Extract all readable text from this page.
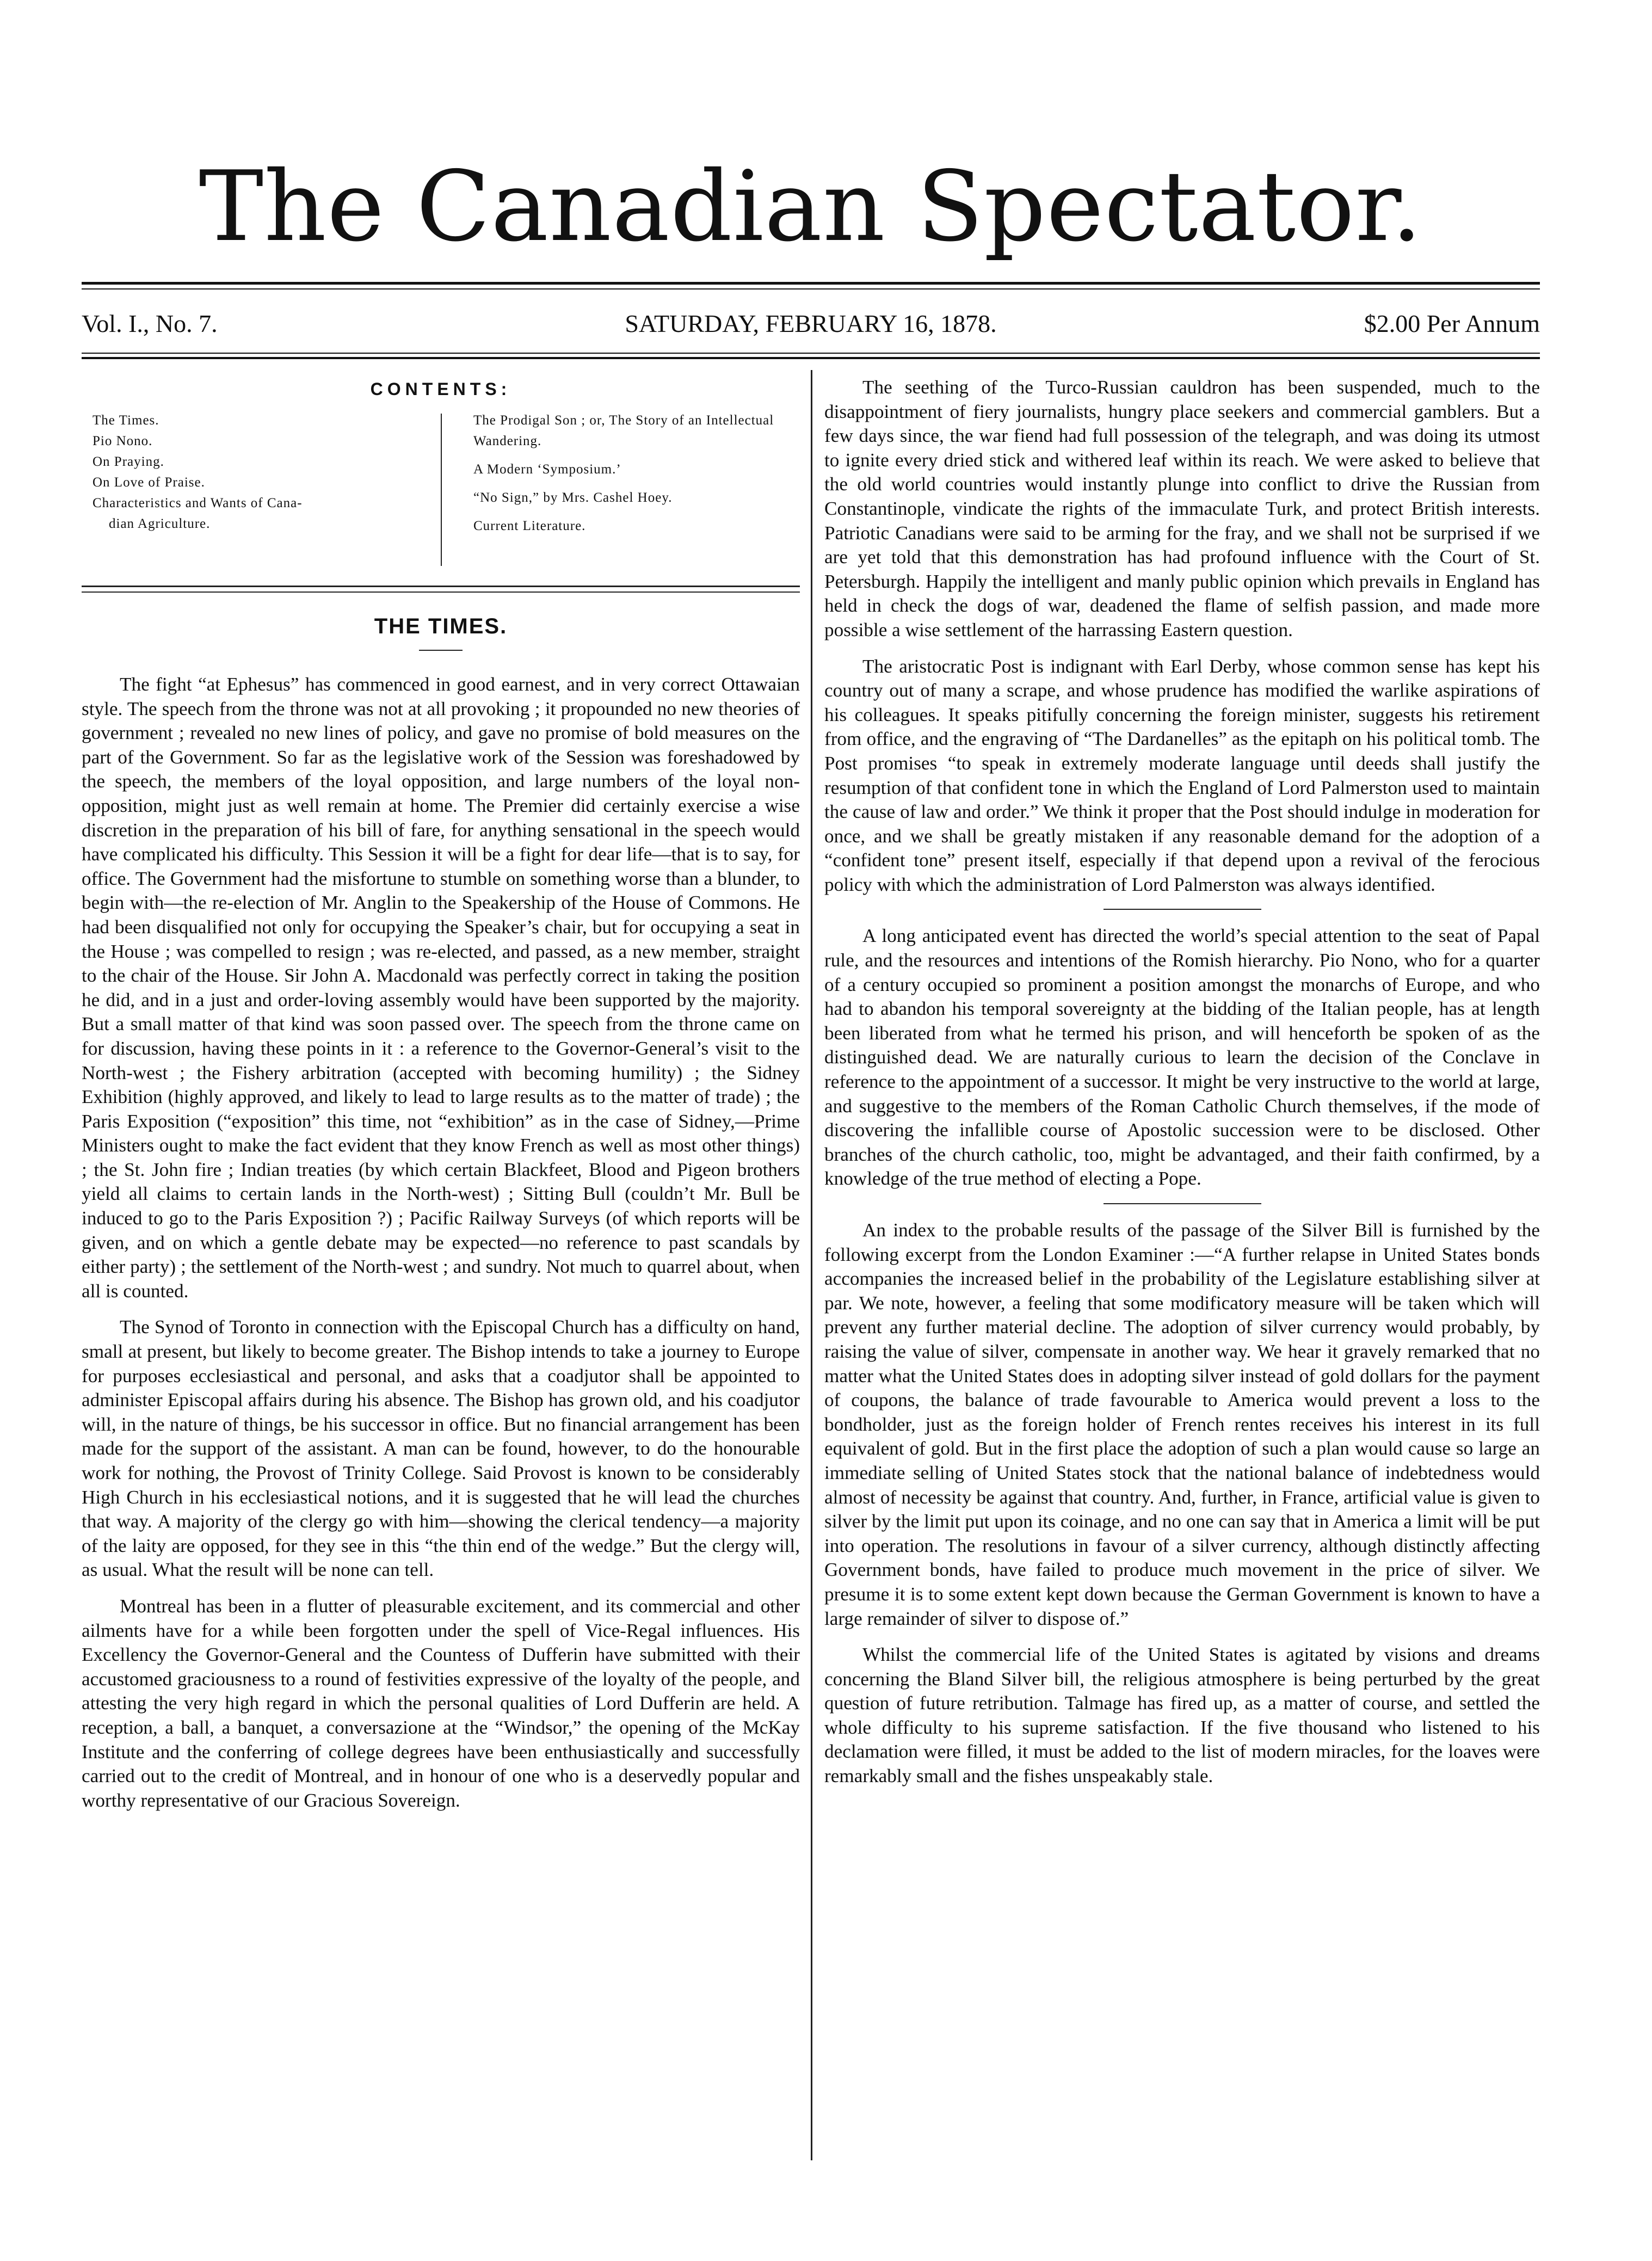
The Canadian Spectator.
Vol. I., No. 7.	SATURDAY, FEBRUARY 16, 1878.	$2.00 Per Annum
CONTENTS:
The Times.
Pio Nono.
On Praying.
On Love of Praise.
Characteristics and Wants of Cana-
dian Agriculture.
The Prodigal Son ; or, The Story of an Intellectual Wandering.
A Modern ‘Symposium.’
“No Sign,” by Mrs. Cashel Hoey.
Current Literature.
THE TIMES.

The fight “at Ephesus” has commenced in good earnest, and in very correct Ottawaian style. The speech from the throne was not at all provoking ; it propounded no new theories of government ; revealed no new lines of policy, and gave no promise of bold measures on the part of the Government. So far as the legislative work of the Session was foreshadowed by the speech, the members of the loyal opposition, and large numbers of the loyal non-opposition, might just as well remain at home. The Premier did certainly exercise a wise discretion in the preparation of his bill of fare, for anything sensational in the speech would have complicated his difficulty. This Session it will be a fight for dear life—that is to say, for office. The Government had the misfortune to stumble on something worse than a blunder, to begin with—the re-election of Mr. Anglin to the Speakership of the House of Commons. He had been disqualified not only for occupying the Speaker’s chair, but for occupying a seat in the House ; was compelled to resign ; was re-elected, and passed, as a new member, straight to the chair of the House. Sir John A. Macdonald was perfectly correct in taking the position he did, and in a just and order-loving assembly would have been supported by the majority. But a small matter of that kind was soon passed over. The speech from the throne came on for discussion, having these points in it : a reference to the Governor-General’s visit to the North-west ; the Fishery arbitration (accepted with becoming humility) ; the Sidney Exhibition (highly approved, and likely to lead to large results as to the matter of trade) ; the Paris Exposition (“exposition” this time, not “exhibition” as in the case of Sidney,—Prime Ministers ought to make the fact evident that they know French as well as most other things) ; the St. John fire ; Indian treaties (by which certain Blackfeet, Blood and Pigeon brothers yield all claims to certain lands in the North-west) ; Sitting Bull (couldn’t Mr. Bull be induced to go to the Paris Exposition ?) ; Pacific Railway Surveys (of which reports will be given, and on which a gentle debate may be expected—no reference to past scandals by either party) ; the settlement of the North-west ; and sundry. Not much to quarrel about, when all is counted.

The Synod of Toronto in connection with the Episcopal Church has a difficulty on hand, small at present, but likely to become greater. The Bishop intends to take a journey to Europe for purposes ecclesiastical and personal, and asks that a coadjutor shall be appointed to administer Episcopal affairs during his absence. The Bishop has grown old, and his coadjutor will, in the nature of things, be his successor in office. But no financial arrangement has been made for the support of the assistant. A man can be found, however, to do the honourable work for nothing, the Provost of Trinity College. Said Provost is known to be considerably High Church in his ecclesiastical notions, and it is suggested that he will lead the churches that way. A majority of the clergy go with him—showing the clerical tendency—a majority of the laity are opposed, for they see in this “the thin end of the wedge.” But the clergy will, as usual. What the result will be none can tell.

Montreal has been in a flutter of pleasurable excitement, and its commercial and other ailments have for a while been forgotten under the spell of Vice-Regal influences. His Excellency the Governor-General and the Countess of Dufferin have submitted with their accustomed graciousness to a round of festivities expressive of the loyalty of the people, and attesting the very high regard in which the personal qualities of Lord Dufferin are held. A reception, a ball, a banquet, a conversazione at the “Windsor,” the opening of the McKay Institute and the conferring of college degrees have been enthusiastically and successfully carried out to the credit of Montreal, and in honour of one who is a deservedly popular and worthy representative of our Gracious Sovereign.

The seething of the Turco-Russian cauldron has been suspended, much to the disappointment of fiery journalists, hungry place seekers and commercial gamblers. But a few days since, the war fiend had full possession of the telegraph, and was doing its utmost to ignite every dried stick and withered leaf within its reach. We were asked to believe that the old world countries would instantly plunge into conflict to drive the Russian from Constantinople, vindicate the rights of the immaculate Turk, and protect British interests. Patriotic Canadians were said to be arming for the fray, and we shall not be surprised if we are yet told that this demonstration has had profound influence with the Court of St. Petersburgh. Happily the intelligent and manly public opinion which prevails in England has held in check the dogs of war, deadened the flame of selfish passion, and made more possible a wise settlement of the harrassing Eastern question.

The aristocratic Post is indignant with Earl Derby, whose common sense has kept his country out of many a scrape, and whose prudence has modified the warlike aspirations of his colleagues. It speaks pitifully concerning the foreign minister, suggests his retirement from office, and the engraving of “The Dardanelles” as the epitaph on his political tomb. The Post promises “to speak in extremely moderate language until deeds shall justify the resumption of that confident tone in which the England of Lord Palmerston used to maintain the cause of law and order.” We think it proper that the Post should indulge in moderation for once, and we shall be greatly mistaken if any reasonable demand for the adoption of a “confident tone” present itself, especially if that depend upon a revival of the ferocious policy with which the administration of Lord Palmerston was always identified.

A long anticipated event has directed the world’s special attention to the seat of Papal rule, and the resources and intentions of the Romish hierarchy. Pio Nono, who for a quarter of a century occupied so prominent a position amongst the monarchs of Europe, and who had to abandon his temporal sovereignty at the bidding of the Italian people, has at length been liberated from what he termed his prison, and will henceforth be spoken of as the distinguished dead. We are naturally curious to learn the decision of the Conclave in reference to the appointment of a successor. It might be very instructive to the world at large, and suggestive to the members of the Roman Catholic Church themselves, if the mode of discovering the infallible course of Apostolic succession were to be disclosed. Other branches of the church catholic, too, might be advantaged, and their faith confirmed, by a knowledge of the true method of electing a Pope.

An index to the probable results of the passage of the Silver Bill is furnished by the following excerpt from the London Examiner :—“A further relapse in United States bonds accompanies the increased belief in the probability of the Legislature establishing silver at par. We note, however, a feeling that some modificatory measure will be taken which will prevent any further material decline. The adoption of silver currency would probably, by raising the value of silver, compensate in another way. We hear it gravely remarked that no matter what the United States does in adopting silver instead of gold dollars for the payment of coupons, the balance of trade favourable to America would prevent a loss to the bondholder, just as the foreign holder of French rentes receives his interest in its full equivalent of gold. But in the first place the adoption of such a plan would cause so large an immediate selling of United States stock that the national balance of indebtedness would almost of necessity be against that country. And, further, in France, artificial value is given to silver by the limit put upon its coinage, and no one can say that in America a limit will be put into operation. The resolutions in favour of a silver currency, although distinctly affecting Government bonds, have failed to produce much movement in the price of silver. We presume it is to some extent kept down because the German Government is known to have a large remainder of silver to dispose of.”

Whilst the commercial life of the United States is agitated by visions and dreams concerning the Bland Silver bill, the religious atmosphere is being perturbed by the great question of future retribution. Talmage has fired up, as a matter of course, and settled the whole difficulty to his supreme satisfaction. If the five thousand who listened to his declamation were filled, it must be added to the list of modern miracles, for the loaves were remarkably small and the fishes unspeakably stale.
